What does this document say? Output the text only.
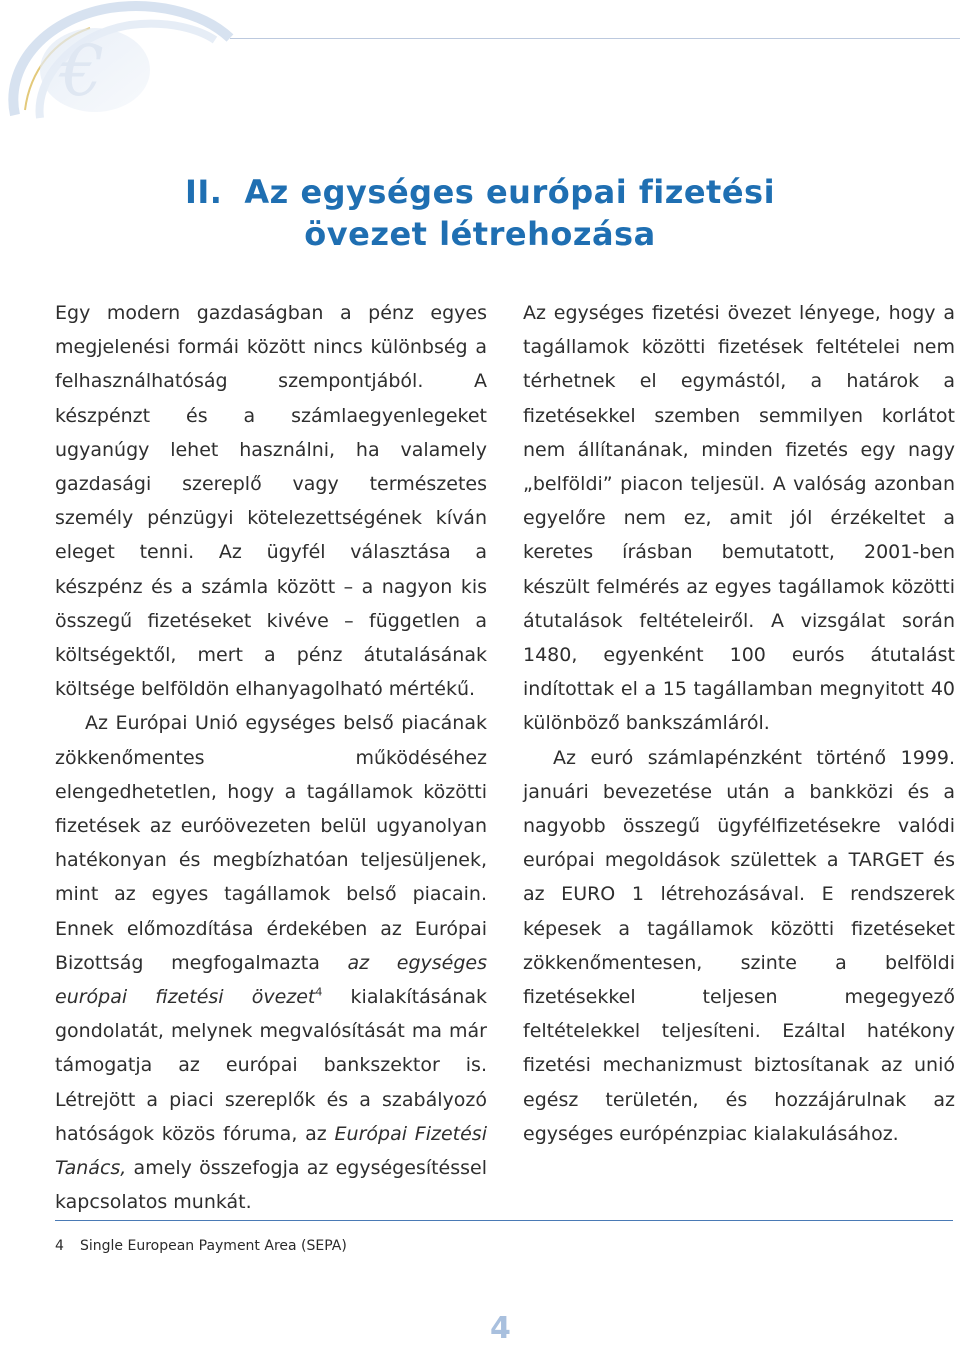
€
II. Az egységes európai fizetési
övezet létrehozása

Egy modern gazdaságban a pénz egyes megjelenési formái között nincs különbség a felhasználhatóság szempontjából. A készpénzt és a számlaegyenlegeket ugyanúgy lehet használni, ha valamely gazdasági szereplő vagy természetes személy pénzügyi kötelezettségének kíván eleget tenni. Az ügyfél választása a készpénz és a számla között – a nagyon kis összegű fizetéseket kivéve – független a költségektől, mert a pénz átutalásának költsége belföldön elhanyagolható mértékű.

Az Európai Unió egységes belső piacának zökkenőmentes működéséhez elengedhetetlen, hogy a tagállamok közötti fizetések az euróövezeten belül ugyanolyan hatékonyan és megbízhatóan teljesüljenek, mint az egyes tagállamok belső piacain. Ennek előmozdítása érdekében az Európai Bizottság megfogalmazta az egységes európai fizetési övezet$^4$ kialakításának gondolatát, melynek megvalósítását ma már támogatja az európai bankszektor is. Létrejött a piaci szereplők és a szabályozó hatóságok közös fóruma, az Európai Fizetési Tanács, amely összefogja az egységesítéssel kapcsolatos munkát.

Az egységes fizetési övezet lényege, hogy a tagállamok közötti fizetések feltételei nem térhetnek el egymástól, a határok a fizetésekkel szemben semmilyen korlátot nem állítanának, minden fizetés egy nagy „belföldi” piacon teljesül. A valóság azonban egyelőre nem ez, amit jól érzékeltet a keretes írásban bemutatott, 2001-ben készült felmérés az egyes tagállamok közötti átutalások feltételeiről. A vizsgálat során 1480, egyenként 100 eurós átutalást indítottak el a 15 tagállamban megnyitott 40 különböző bankszámláról.

Az euró számlapénzként történő 1999. januári bevezetése után a bankközi és a nagyobb összegű ügyfélfizetésekre valódi európai megoldások születtek a TARGET és az EURO 1 létrehozásával. E rendszerek képesek a tagállamok közötti fizetéseket zökkenőmentesen, szinte a belföldi fizetésekkel teljesen megegyező feltételekkel teljesíteni. Ezáltal hatékony fizetési mechanizmust biztosítanak az unió egész területén, és hozzájárulnak az egységes európénzpiac kialakulásához.

4 Single European Payment Area (SEPA)
4
